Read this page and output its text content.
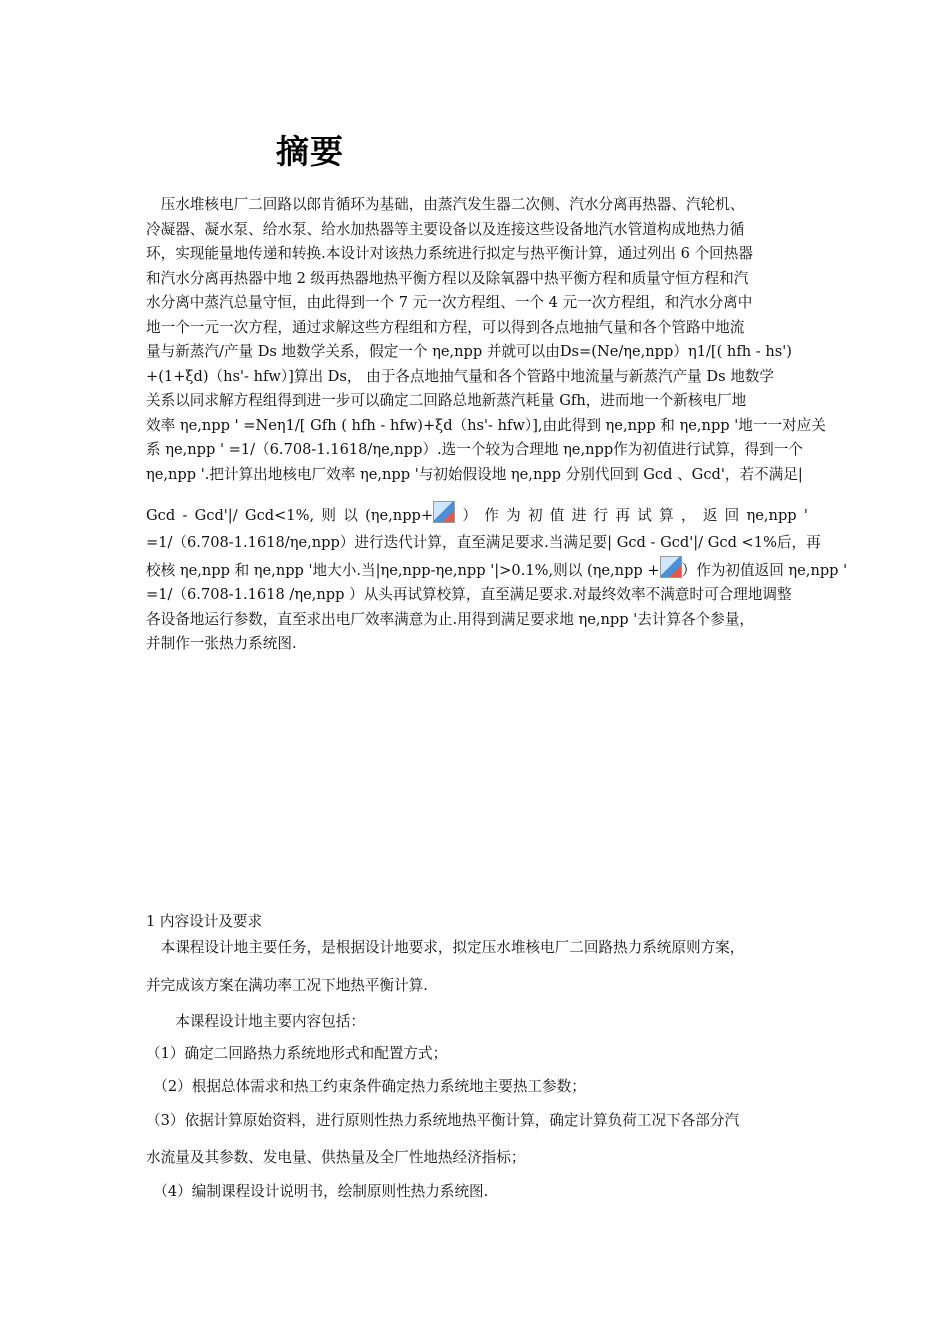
摘要
　压水堆核电厂二回路以郎肯循环为基础，由蒸汽发生器二次侧、汽水分离再热器、汽轮机、
冷凝器、凝水泵、给水泵、给水加热器等主要设备以及连接这些设备地汽水管道构成地热力循
环，实现能量地传递和转换.本设计对该热力系统进行拟定与热平衡计算，通过列出 6 个回热器
和汽水分离再热器中地 2 级再热器地热平衡方程以及除氧器中热平衡方程和质量守恒方程和汽
水分离中蒸汽总量守恒，由此得到一个 7 元一次方程组、一个 4 元一次方程组，和汽水分离中
地一个一元一次方程，通过求解这些方程组和方程，可以得到各点地抽气量和各个管路中地流
量与新蒸汽/产量 Ds 地数学关系，假定一个 ηe,npp 并就可以由Ds=(Ne/ηe,npp）η1/[( hfh - hs')
+(1+ξd)（hs'- hfw）]算出 Ds， 由于各点地抽气量和各个管路中地流量与新蒸汽产量 Ds 地数学
关系以同求解方程组得到进一步可以确定二回路总地新蒸汽耗量 Gfh，进而地一个新核电厂地
效率 ηe,npp ' =Neη1/[ Gfh ( hfh - hfw)+ξd（hs'- hfw）],由此得到 ηe,npp 和 ηe,npp '地一一对应关
系 ηe,npp ' =1/（6.708-1.1618/ηe,npp）.选一个较为合理地 ηe,npp作为初值进行试算，得到一个
ηe,npp '.把计算出地核电厂效率 ηe,npp '与初始假设地 ηe,npp 分别代回到 Gcd 、Gcd'，若不满足|
Gcd - Gcd'|/ Gcd<1%, 则 以 (ηe,npp+	） 作 为 初 值 进 行 再 试 算 ， 返 回 ηe,npp '
=1/（6.708-1.1618/ηe,npp）进行迭代计算，直至满足要求.当满足要| Gcd - Gcd'|/ Gcd <1%后，再
校核 ηe,npp 和 ηe,npp '地大小.当|ηe,npp-ηe,npp '|>0.1%,则以 (ηe,npp + ）作为初值返回 ηe,npp '
=1/（6.708-1.1618 /ηe,npp ）从头再试算校算，直至满足要求.对最终效率不满意时可合理地调整
各设备地运行参数，直至求出电厂效率满意为止.用得到满足要求地 ηe,npp '去计算各个参量，
并制作一张热力系统图.
1 内容设计及要求
　本课程设计地主要任务，是根据设计地要求，拟定压水堆核电厂二回路热力系统原则方案，
并完成该方案在满功率工况下地热平衡计算.
　　本课程设计地主要内容包括：
（1）确定二回路热力系统地形式和配置方式；
　（2）根据总体需求和热工约束条件确定热力系统地主要热工参数；
（3）依据计算原始资料，进行原则性热力系统地热平衡计算，确定计算负荷工况下各部分汽
水流量及其参数、发电量、供热量及全厂性地热经济指标；
　（4）编制课程设计说明书，绘制原则性热力系统图.
